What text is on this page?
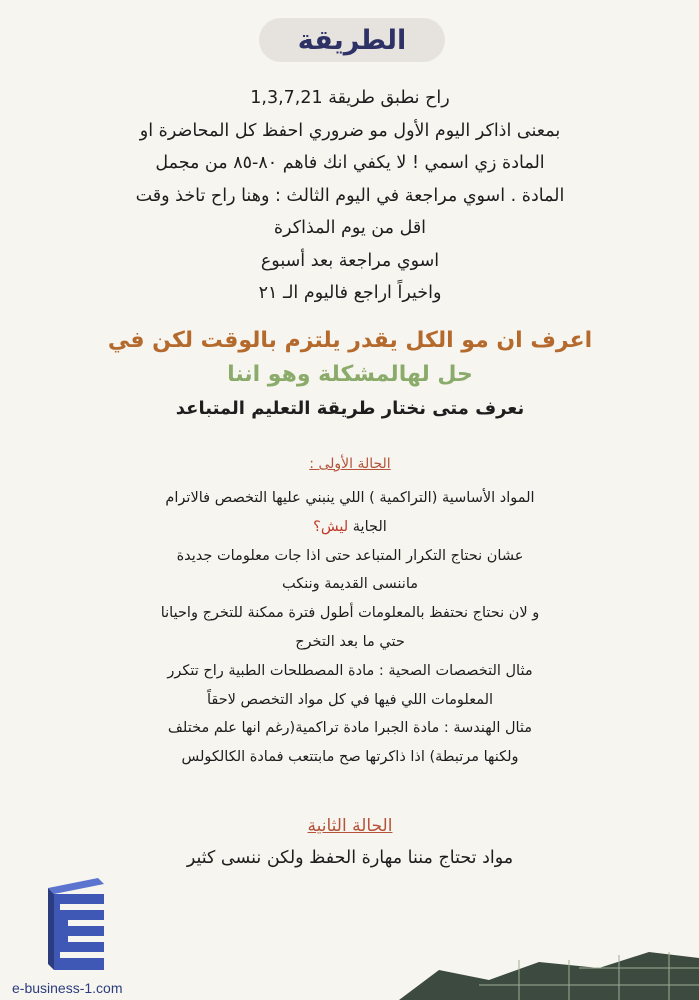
الطريقة
راح نطبق طريقة 1,3,7,21
بمعنى اذاكر اليوم الأول مو ضروري احفظ كل المحاضرة او
المادة زي اسمي ! لا يكفي انك فاهم ٨٠-٨٥ من مجمل
المادة . اسوي مراجعة في اليوم الثالث : وهنا راح تاخذ وقت
اقل من يوم المذاكرة
اسوي مراجعة بعد أسبوع
واخيراً اراجع فاليوم الـ ٢١
اعرف ان مو الكل يقدر يلتزم بالوقت لكن في
حل لهالمشكلة وهو اننا
نعرف متى نختار طريقة التعليم المتباعد
الحالة الأولى :
المواد الأساسية (التراكمية ) اللي ينبني عليها التخصص فالاترام
الجاية ليش؟
عشان نحتاج التكرار المتباعد حتى اذا جات معلومات جديدة
ماننسى القديمة وننكب
و لان نحتاج نحتفظ بالمعلومات أطول فترة ممكنة للتخرج واحيانا
حتي ما بعد التخرج
مثال التخصصات الصحية : مادة المصطلحات الطبية راح تتكرر
المعلومات اللي فيها في كل مواد التخصص لاحقاً
مثال الهندسة : مادة الجبرا مادة تراكمية(رغم انها علم مختلف
ولكنها مرتبطة) اذا ذاكرتها صح مابتتعب فمادة الكالكولس
الحالة الثانية
مواد تحتاج مننا مهارة الحفظ ولكن ننسى كثير
e-business-1.com
